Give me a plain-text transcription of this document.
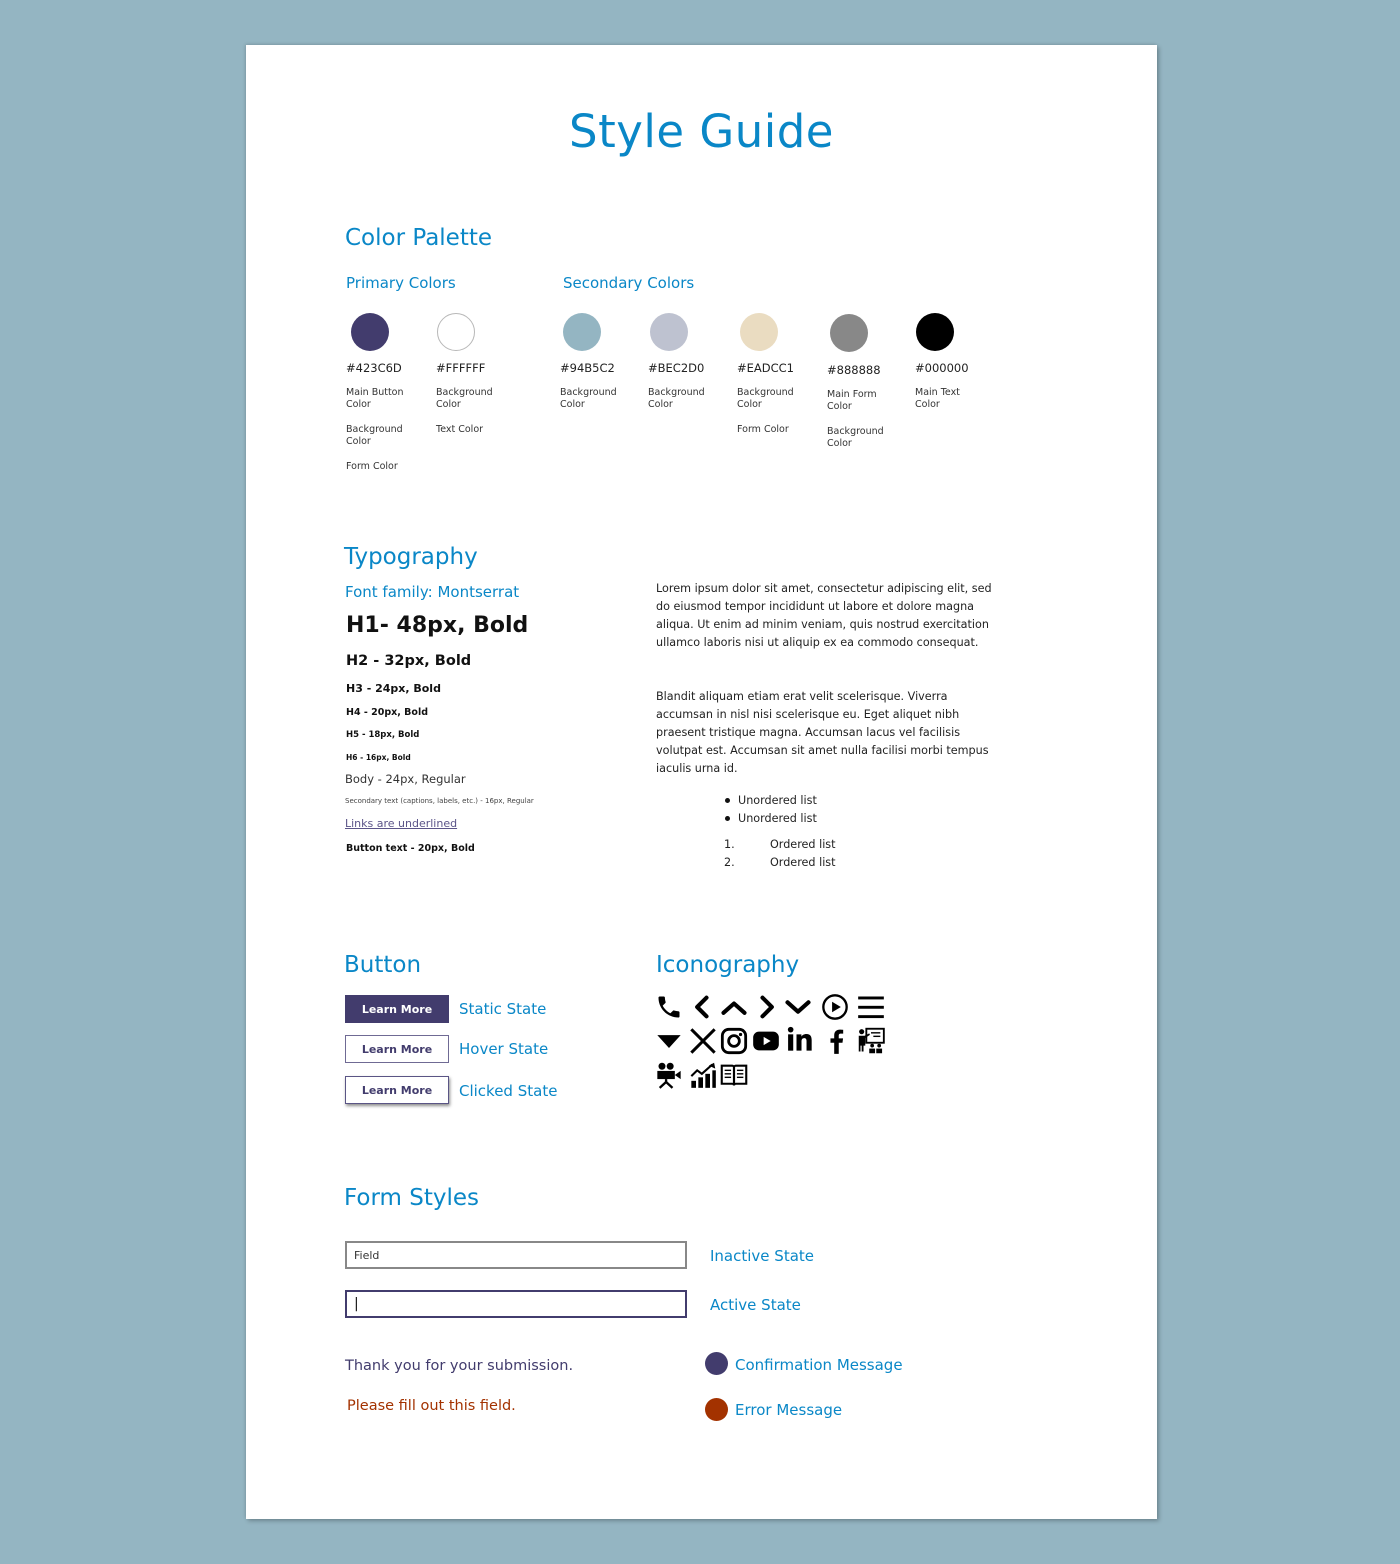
Style Guide
Color Palette
Primary Colors	Secondary Colors
#423C6D
Main Button Color
Background Color
Form Color
#FFFFFF
Background Color
Text Color
#94B5C2
Background Color
#BEC2D0
Background Color
#EADCC1
Background Color
Form Color
#888888
Main Form Color
Background Color
#000000
Main Text Color
Typography
Font family: Montserrat
H1- 48px, Bold
H2 - 32px, Bold
H3 - 24px, Bold
H4 - 20px, Bold
H5 - 18px, Bold
H6 - 16px, Bold
Body - 24px, Regular
Secondary text (captions, labels, etc.) - 16px, Regular
Links are underlined
Button text - 20px, Bold
Lorem ipsum dolor sit amet, consectetur adipiscing elit, sed do eiusmod tempor incididunt ut labore et dolore magna aliqua. Ut enim ad minim veniam, quis nostrud exercitation ullamco laboris nisi ut aliquip ex ea commodo consequat.
Blandit aliquam etiam erat velit scelerisque. Viverra accumsan in nisl nisi scelerisque eu. Eget aliquet nibh praesent tristique magna. Accumsan lacus vel facilisis volutpat est. Accumsan sit amet nulla facilisi morbi tempus iaculis urna id.
Unordered list
Unordered list
1.	Ordered list
2.	Ordered list
Button
Learn More	Static State
Learn More	Hover State
Learn More	Clicked State
Iconography
Form Styles
Field
Inactive State
|	Active State
Thank you for your submission.	Confirmation Message
Please fill out this field.	Error Message
